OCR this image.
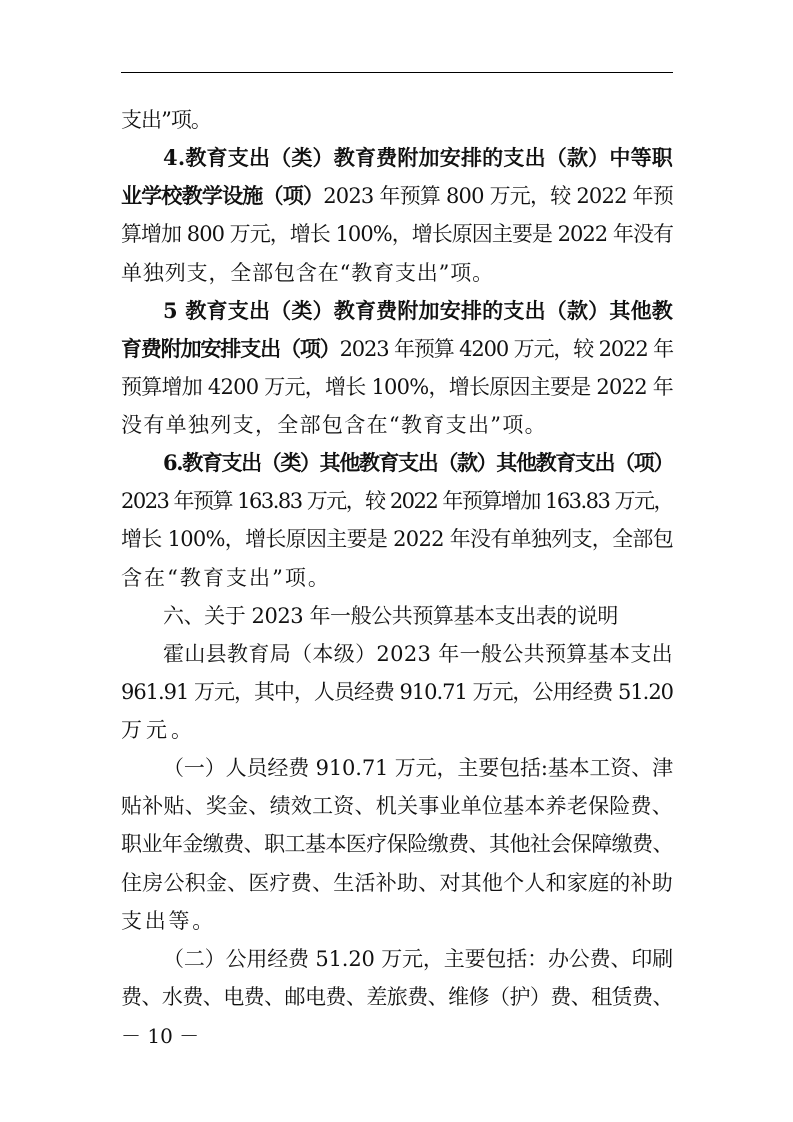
支出”项。
4.教育支出（类）教育费附加安排的支出（款）中等职
业学校教学设施（项）2023 年预算 800 万元，较 2022 年预
算增加 800 万元，增长 100%，增长原因主要是 2022 年没有
单独列支，全部包含在“教育支出”项。
5 教育支出（类）教育费附加安排的支出（款）其他教
育费附加安排支出（项）2023 年预算 4200 万元，较 2022 年
预算增加 4200 万元，增长 100%，增长原因主要是 2022 年
没有单独列支，全部包含在“教育支出”项。
6.教育支出（类）其他教育支出（款）其他教育支出（项）
2023 年预算 163.83 万元，较 2022 年预算增加 163.83 万元，
增长 100%，增长原因主要是 2022 年没有单独列支，全部包
含在“教育支出”项。
六、关于 2023 年一般公共预算基本支出表的说明
霍山县教育局（本级）2023 年一般公共预算基本支出
961.91 万元，其中，人员经费 910.71 万元，公用经费 51.20
万元。
（一）人员经费 910.71 万元，主要包括:基本工资、津
贴补贴、奖金、绩效工资、机关事业单位基本养老保险费、
职业年金缴费、职工基本医疗保险缴费、其他社会保障缴费、
住房公积金、医疗费、生活补助、对其他个人和家庭的补助
支出等。
（二）公用经费 51.20 万元，主要包括：办公费、印刷
费、水费、电费、邮电费、差旅费、维修（护）费、租赁费、
－ 10 －
